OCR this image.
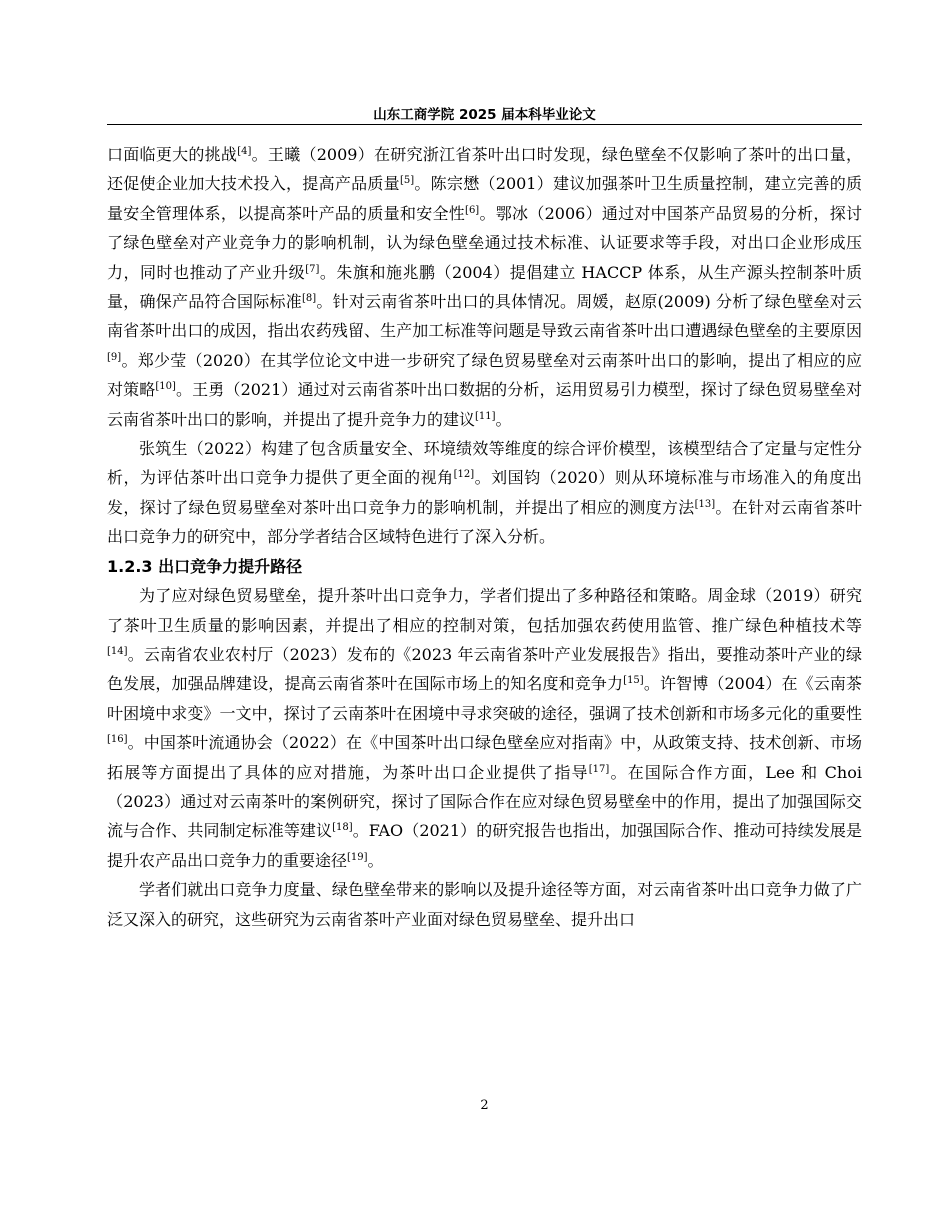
山东工商学院 2025 届本科毕业论文

口面临更大的挑战[4]。王曦（2009）在研究浙江省茶叶出口时发现，绿色壁垒不仅影响了茶叶的出口量，还促使企业加大技术投入，提高产品质量[5]。陈宗懋（2001）建议加强茶叶卫生质量控制，建立完善的质量安全管理体系，以提高茶叶产品的质量和安全性[6]。鄂冰（2006）通过对中国茶产品贸易的分析，探讨了绿色壁垒对产业竞争力的影响机制，认为绿色壁垒通过技术标准、认证要求等手段，对出口企业形成压力，同时也推动了产业升级[7]。朱旗和施兆鹏（2004）提倡建立 HACCP 体系，从生产源头控制茶叶质量，确保产品符合国际标准[8]。针对云南省茶叶出口的具体情况。周媛，赵原(2009) 分析了绿色壁垒对云南省茶叶出口的成因，指出农药残留、生产加工标准等问题是导致云南省茶叶出口遭遇绿色壁垒的主要原因[9]。郑少莹（2020）在其学位论文中进一步研究了绿色贸易壁垒对云南茶叶出口的影响，提出了相应的应对策略[10]。王勇（2021）通过对云南省茶叶出口数据的分析，运用贸易引力模型，探讨了绿色贸易壁垒对云南省茶叶出口的影响，并提出了提升竞争力的建议[11]。

张筑生（2022）构建了包含质量安全、环境绩效等维度的综合评价模型，该模型结合了定量与定性分析，为评估茶叶出口竞争力提供了更全面的视角[12]。刘国钧（2020）则从环境标准与市场准入的角度出发，探讨了绿色贸易壁垒对茶叶出口竞争力的影响机制，并提出了相应的测度方法[13]。在针对云南省茶叶出口竞争力的研究中，部分学者结合区域特色进行了深入分析。

1.2.3 出口竞争力提升路径

为了应对绿色贸易壁垒，提升茶叶出口竞争力，学者们提出了多种路径和策略。周金球（2019）研究了茶叶卫生质量的影响因素，并提出了相应的控制对策，包括加强农药使用监管、推广绿色种植技术等[14]。云南省农业农村厅（2023）发布的《2023 年云南省茶叶产业发展报告》指出，要推动茶叶产业的绿色发展，加强品牌建设，提高云南省茶叶在国际市场上的知名度和竞争力[15]。许智博（2004）在《云南茶叶困境中求变》一文中，探讨了云南茶叶在困境中寻求突破的途径，强调了技术创新和市场多元化的重要性[16]。中国茶叶流通协会（2022）在《中国茶叶出口绿色壁垒应对指南》中，从政策支持、技术创新、市场拓展等方面提出了具体的应对措施，为茶叶出口企业提供了指导[17]。在国际合作方面，Lee 和 Choi（2023）通过对云南茶叶的案例研究，探讨了国际合作在应对绿色贸易壁垒中的作用，提出了加强国际交流与合作、共同制定标准等建议[18]。FAO（2021）的研究报告也指出，加强国际合作、推动可持续发展是提升农产品出口竞争力的重要途径[19]。

学者们就出口竞争力度量、绿色壁垒带来的影响以及提升途径等方面，对云南省茶叶出口竞争力做了广泛又深入的研究，这些研究为云南省茶叶产业面对绿色贸易壁垒、提升出口

2
